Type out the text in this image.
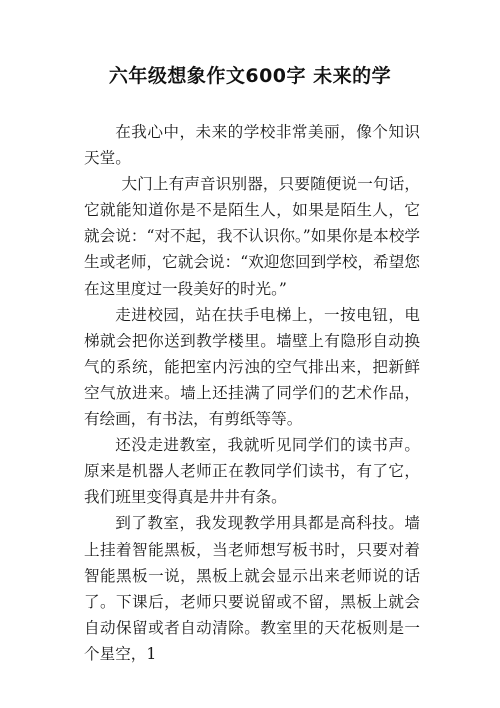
六年级想象作文600字 未来的学

在我心中，未来的学校非常美丽，像个知识天堂。

大门上有声音识别器，只要随便说一句话，它就能知道你是不是陌生人，如果是陌生人，它就会说：“对不起，我不认识你。”如果你是本校学生或老师，它就会说：“欢迎您回到学校，希望您在这里度过一段美好的时光。”

走进校园，站在扶手电梯上，一按电钮，电梯就会把你送到教学楼里。墙壁上有隐形自动换气的系统，能把室内污浊的空气排出来，把新鲜空气放进来。墙上还挂满了同学们的艺术作品，有绘画，有书法，有剪纸等等。

还没走进教室，我就听见同学们的读书声。原来是机器人老师正在教同学们读书，有了它，我们班里变得真是井井有条。

到了教室，我发现教学用具都是高科技。墙上挂着智能黑板，当老师想写板书时，只要对着智能黑板一说，黑板上就会显示出来老师说的话了。下课后，老师只要说留或不留，黑板上就会自动保留或者自动清除。教室里的天花板则是一个星空，1
